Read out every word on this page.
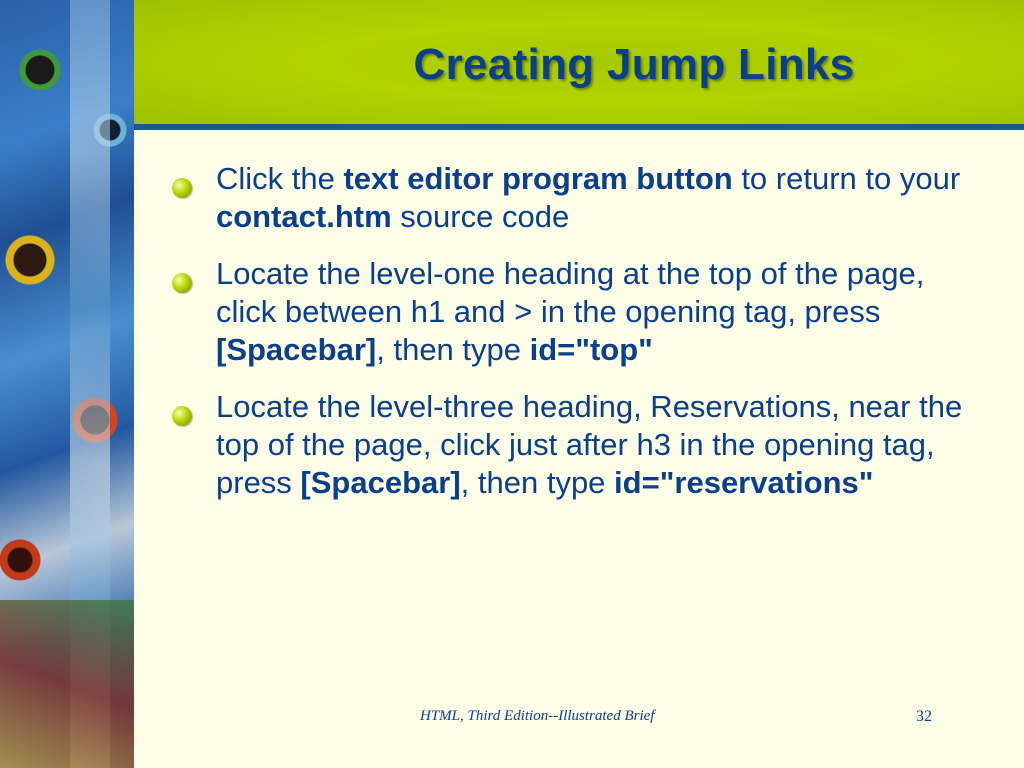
Creating Jump Links
Click the text editor program button to return to your contact.htm source code
Locate the level-one heading at the top of the page, click between h1 and > in the opening tag, press [Spacebar], then type id="top"
Locate the level-three heading, Reservations, near the top of the page, click just after h3 in the opening tag, press [Spacebar], then type id="reservations"
HTML, Third Edition--Illustrated Brief	32
